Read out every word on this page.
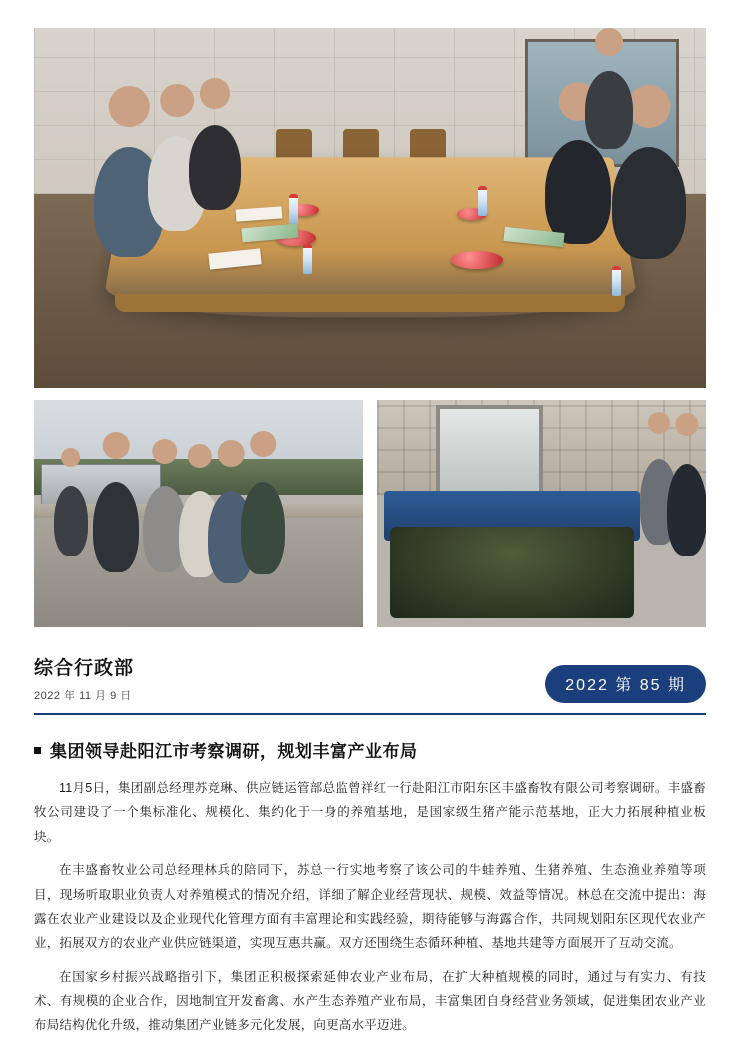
综合行政部
2022 年 11 月 9 日
2022 第 85 期
集团领导赴阳江市考察调研，规划丰富产业布局

11月5日，集团副总经理苏竞琳、供应链运管部总监曾祥红一行赴阳江市阳东区丰盛畜牧有限公司考察调研。丰盛畜牧公司建设了一个集标准化、规模化、集约化于一身的养殖基地，是国家级生猪产能示范基地，正大力拓展种植业板块。

在丰盛畜牧业公司总经理林兵的陪同下，苏总一行实地考察了该公司的牛蛙养殖、生猪养殖、生态渔业养殖等项目，现场听取职业负责人对养殖模式的情况介绍，详细了解企业经营现状、规模、效益等情况。林总在交流中提出：海露在农业产业建设以及企业现代化管理方面有丰富理论和实践经验，期待能够与海露合作，共同规划阳东区现代农业产业，拓展双方的农业产业供应链渠道，实现互惠共赢。双方还围绕生态循环种植、基地共建等方面展开了互动交流。

在国家乡村振兴战略指引下，集团正积极探索延伸农业产业布局，在扩大种植规模的同时，通过与有实力、有技术、有规模的企业合作，因地制宜开发畜禽、水产生态养殖产业布局，丰富集团自身经营业务领域，促进集团农业产业布局结构优化升级，推动集团产业链多元化发展，向更高水平迈进。
